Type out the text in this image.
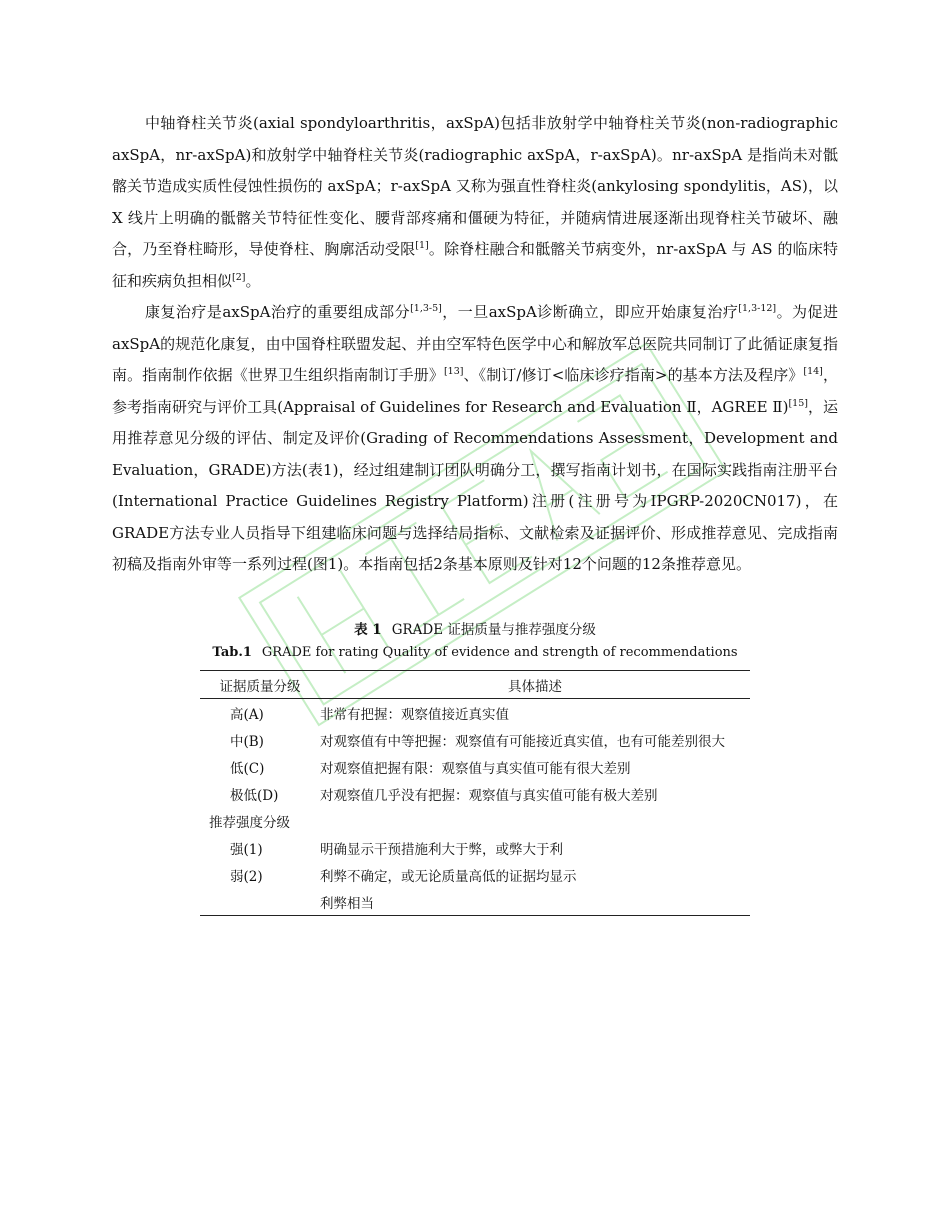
中轴脊柱关节炎(axial spondyloarthritis，axSpA)包括非放射学中轴脊柱关节炎(non-radiographic axSpA，nr-axSpA)和放射学中轴脊柱关节炎(radiographic axSpA，r-axSpA)。nr-axSpA 是指尚未对骶髂关节造成实质性侵蚀性损伤的 axSpA；r-axSpA 又称为强直性脊柱炎(ankylosing spondylitis，AS)，以 X 线片上明确的骶髂关节特征性变化、腰背部疼痛和僵硬为特征，并随病情进展逐渐出现脊柱关节破坏、融合，乃至脊柱畸形，导使脊柱、胸廓活动受限[1]。除脊柱融合和骶髂关节病变外，nr-axSpA 与 AS 的临床特征和疾病负担相似[2]。

康复治疗是axSpA治疗的重要组成部分[1,3-5]，一旦axSpA诊断确立，即应开始康复治疗[1,3-12]。为促进axSpA的规范化康复，由中国脊柱联盟发起、并由空军特色医学中心和解放军总医院共同制订了此循证康复指南。指南制作依据《世界卫生组织指南制订手册》[13]、《制订/修订<临床诊疗指南>的基本方法及程序》[14]，参考指南研究与评价工具(Appraisal of Guidelines for Research and Evaluation Ⅱ，AGREE Ⅱ)[15]，运用推荐意见分级的评估、制定及评价(Grading of Recommendations Assessment，Development and Evaluation，GRADE)方法(表1)，经过组建制订团队明确分工，撰写指南计划书，在国际实践指南注册平台(International Practice Guidelines Registry Platform)注册(注册号为IPGRP-2020CN017)，在GRADE方法专业人员指导下组建临床问题与选择结局指标、文献检索及证据评价、形成推荐意见、完成指南初稿及指南外审等一系列过程(图1)。本指南包括2条基本原则及针对12个问题的12条推荐意见。

表 1 GRADE 证据质量与推荐强度分级
Tab.1 GRADE for rating Quality of evidence and strength of recommendations
证据质量分级	具体描述
高(A)	非常有把握：观察值接近真实值
中(B)	对观察值有中等把握：观察值有可能接近真实值，也有可能差别很大
低(C)	对观察值把握有限：观察值与真实值可能有很大差别
极低(D)	对观察值几乎没有把握：观察值与真实值可能有极大差别
推荐强度分级	
强(1)	明确显示干预措施利大于弊，或弊大于利
弱(2)	利弊不确定，或无论质量高低的证据均显示
	利弊相当
